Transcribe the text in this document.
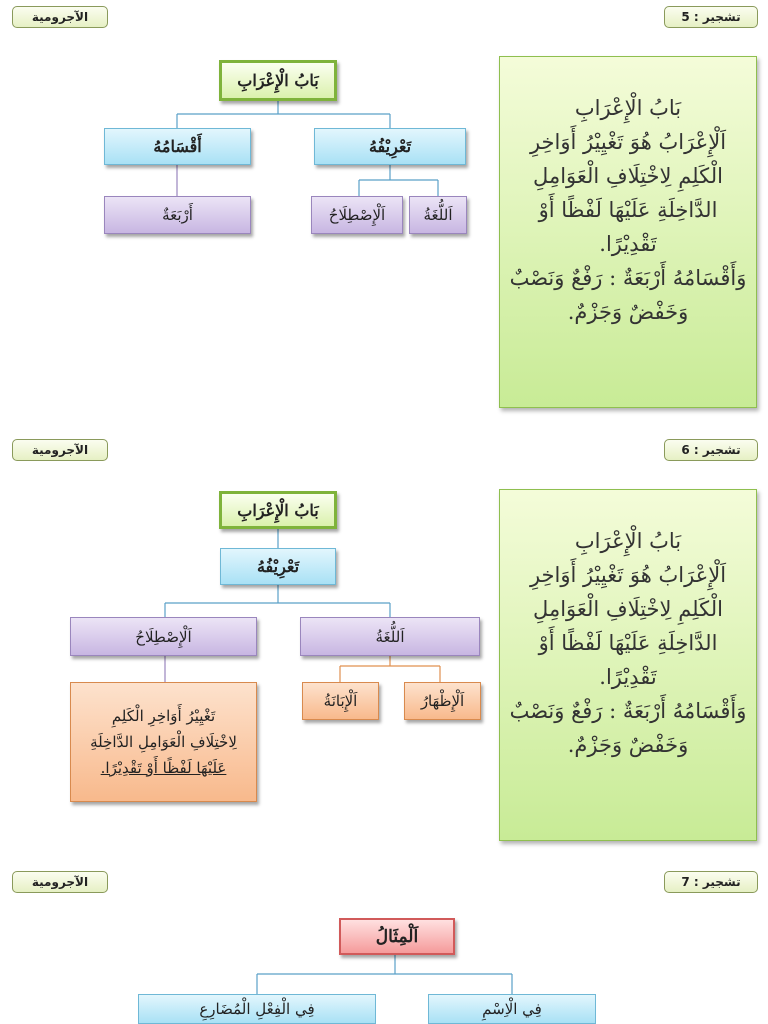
الآجرومية	تشجير : 5
بَابُ الْإِعْرَابِ
تَعْرِيْفُهُ
أَقْسَامُهُ
اَللُّغَةُ
اَلْإِصْطِلَاحُ
أَرْبَعَةٌ
بَابُ الْإِعْرَابِ
اَلْإِعْرَابُ هُوَ تَغْيِيْرُ أَوَاخِرِ
الْكَلِمِ لِاخْتِلَافِ الْعَوَامِلِ
الدَّاخِلَةِ عَلَيْهَا لَفْظًا أَوْ
تَقْدِيْرًا.
وَأَقْسَامُهُ أَرْبَعَةٌ : رَفْعٌ وَنَصْبٌ
وَخَفْضٌ وَجَزْمٌ.
الآجرومية	تشجير : 6
بَابُ الْإِعْرَابِ
تَعْرِيْفُهُ
اَللُّغَةُ
اَلْإِصْطِلَاحُ
اَلْإِظْهَارُ
اَلْإِبَانَةُ
تَغْيِيْرُ أَوَاخِرِ الْكَلِمِ
لِاخْتِلَافِ الْعَوَامِلِ الدَّاخِلَةِ
عَلَيْهَا لَفْظًا أَوْ تَقْدِيْرًا.
بَابُ الْإِعْرَابِ
اَلْإِعْرَابُ هُوَ تَغْيِيْرُ أَوَاخِرِ
الْكَلِمِ لِاخْتِلَافِ الْعَوَامِلِ
الدَّاخِلَةِ عَلَيْهَا لَفْظًا أَوْ
تَقْدِيْرًا.
وَأَقْسَامُهُ أَرْبَعَةٌ : رَفْعٌ وَنَصْبٌ
وَخَفْضٌ وَجَزْمٌ.
الآجرومية	تشجير : 7
اَلْمِثَالُ
فِي الْاِسْمِ
فِي الْفِعْلِ الْمُضَارِعِ
